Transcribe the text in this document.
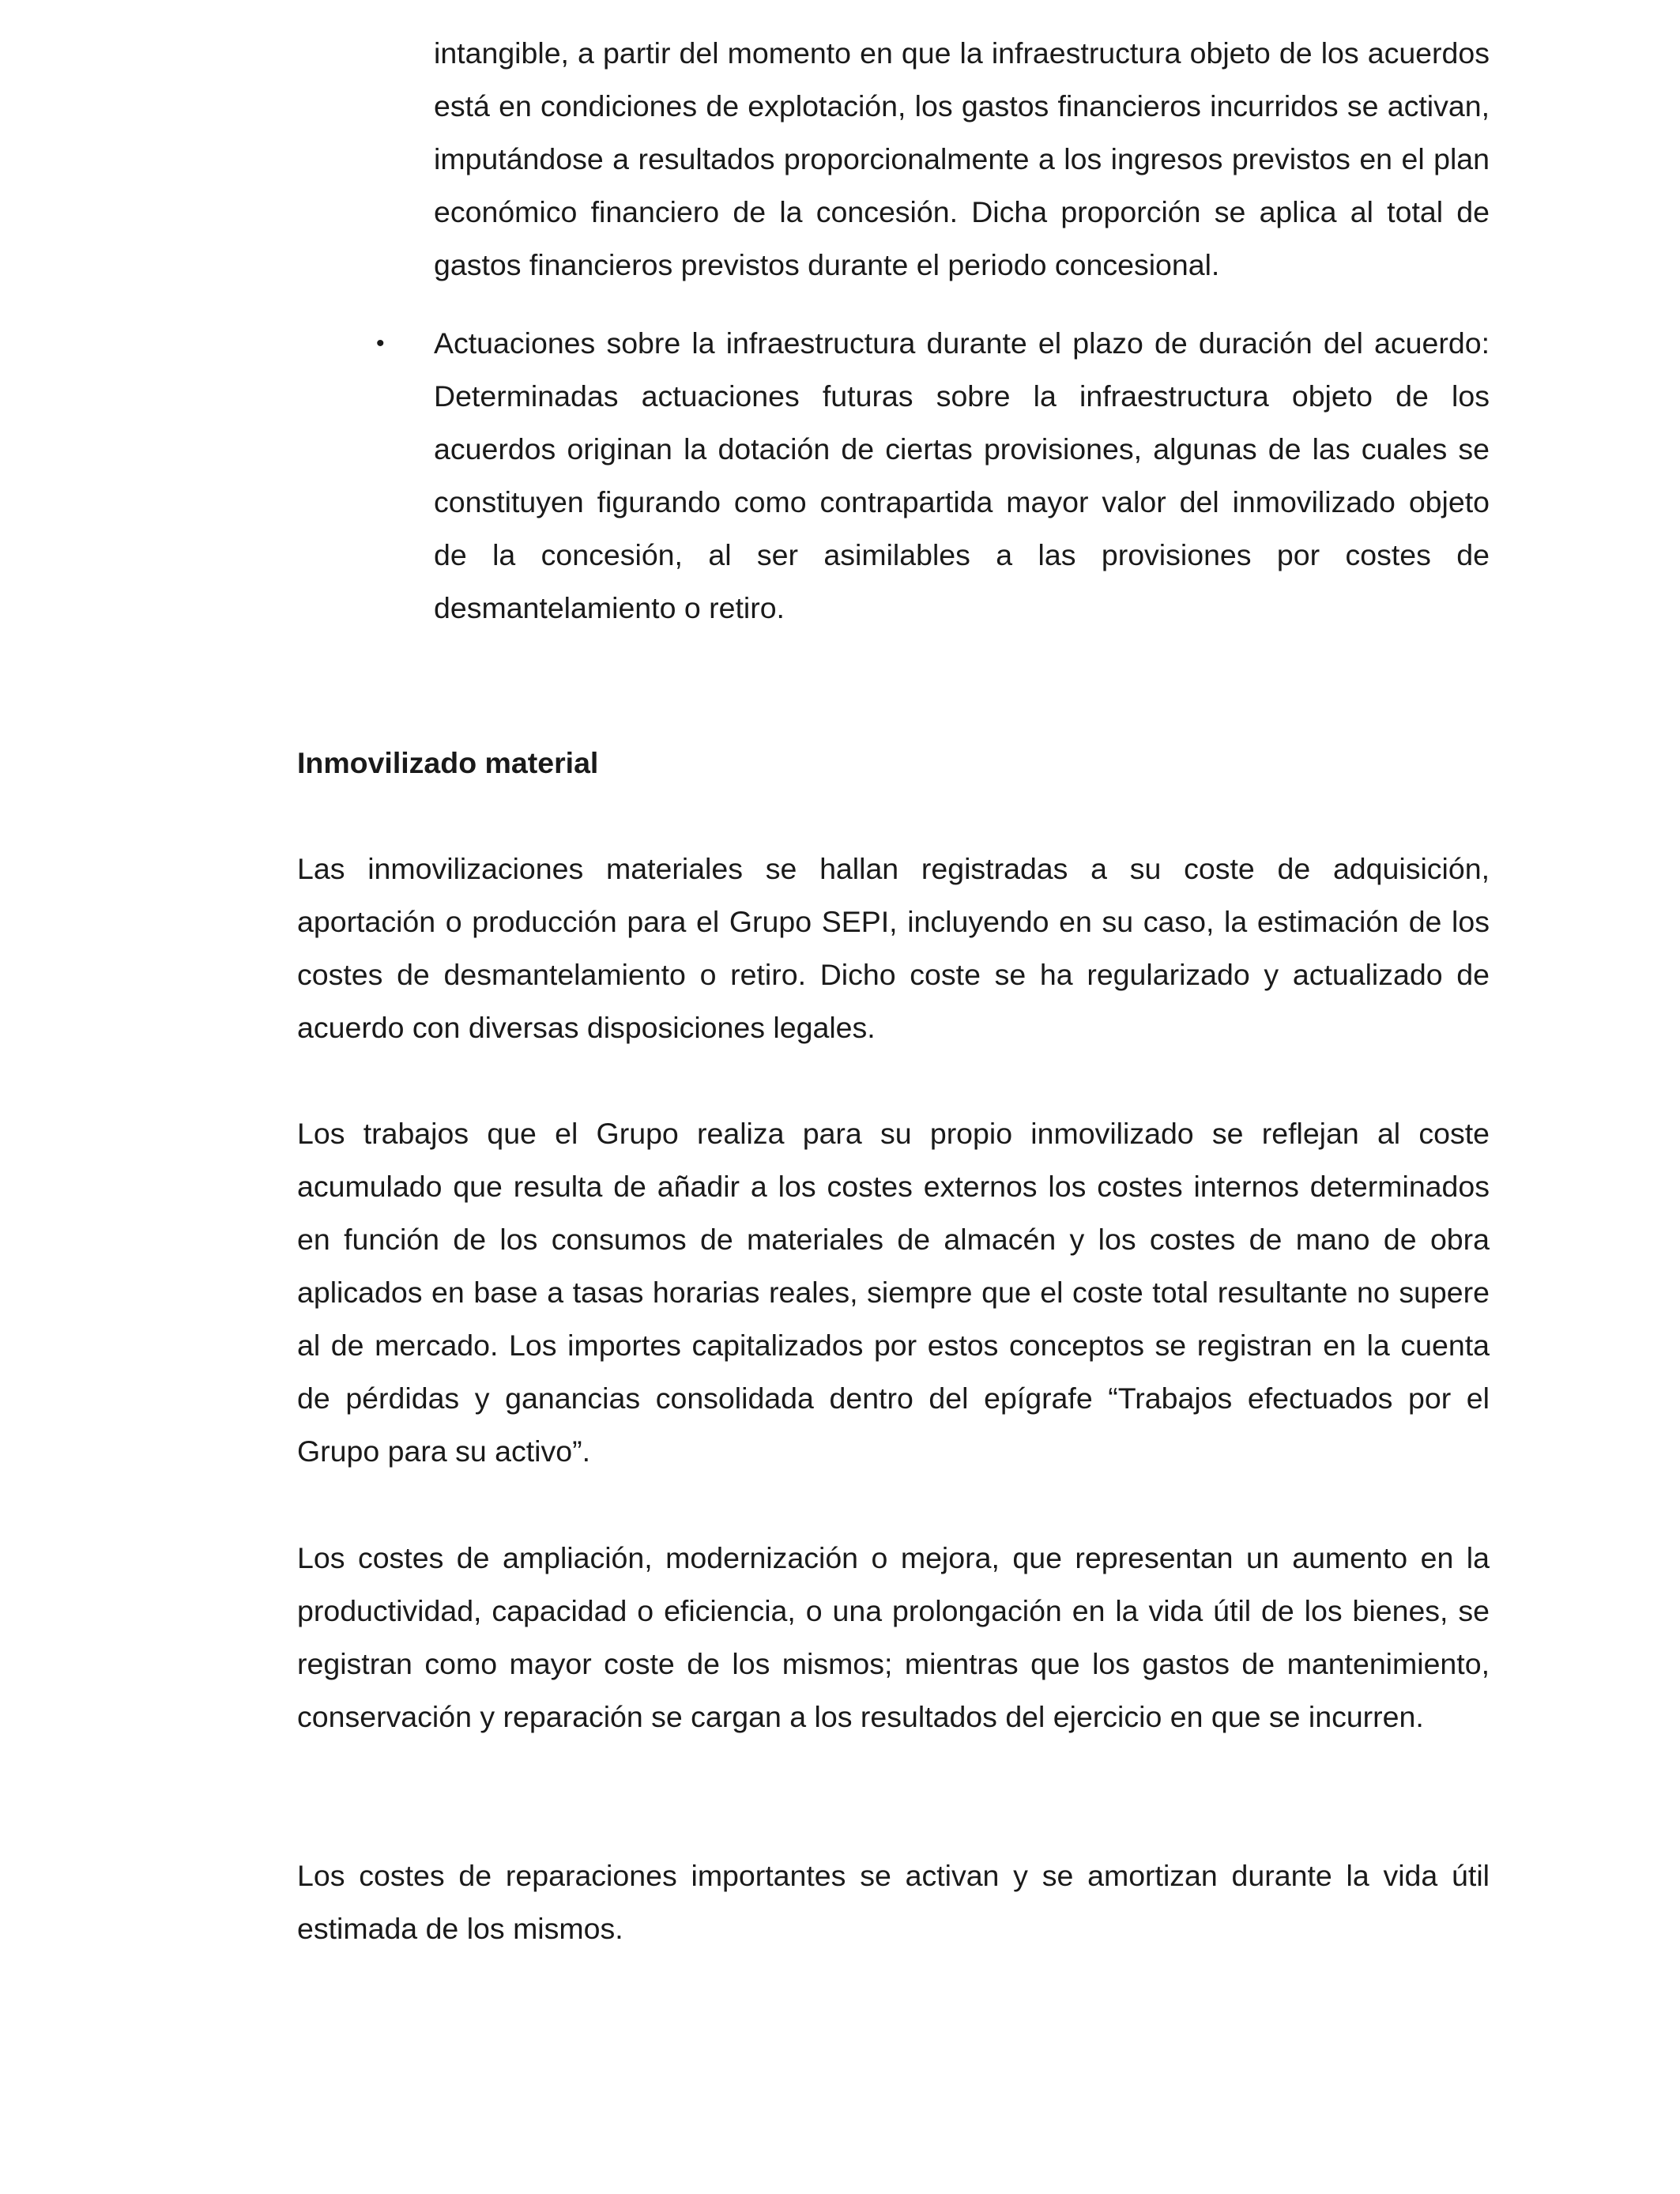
intangible, a partir del momento en que la infraestructura objeto de los acuerdos está en condiciones de explotación, los gastos financieros incurridos se activan, imputándose a resultados proporcionalmente a los ingresos previstos en el plan económico financiero de la concesión. Dicha proporción se aplica al total de gastos financieros previstos durante el periodo concesional.

• Actuaciones sobre la infraestructura durante el plazo de duración del acuerdo: Determinadas actuaciones futuras sobre la infraestructura objeto de los acuerdos originan la dotación de ciertas provisiones, algunas de las cuales se constituyen figurando como contrapartida mayor valor del inmovilizado objeto de la concesión, al ser asimilables a las provisiones por costes de desmantelamiento o retiro.

Inmovilizado material

Las inmovilizaciones materiales se hallan registradas a su coste de adquisición, aportación o producción para el Grupo SEPI, incluyendo en su caso, la estimación de los costes de desmantelamiento o retiro. Dicho coste se ha regularizado y actualizado de acuerdo con diversas disposiciones legales.

Los trabajos que el Grupo realiza para su propio inmovilizado se reflejan al coste acumulado que resulta de añadir a los costes externos los costes internos determinados en función de los consumos de materiales de almacén y los costes de mano de obra aplicados en base a tasas horarias reales, siempre que el coste total resultante no supere al de mercado. Los importes capitalizados por estos conceptos se registran en la cuenta de pérdidas y ganancias consolidada dentro del epígrafe “Trabajos efectuados por el Grupo para su activo”.

Los costes de ampliación, modernización o mejora, que representan un aumento en la productividad, capacidad o eficiencia, o una prolongación en la vida útil de los bienes, se registran como mayor coste de los mismos; mientras que los gastos de mantenimiento, conservación y reparación se cargan a los resultados del ejercicio en que se incurren.

Los costes de reparaciones importantes se activan y se amortizan durante la vida útil estimada de los mismos.
